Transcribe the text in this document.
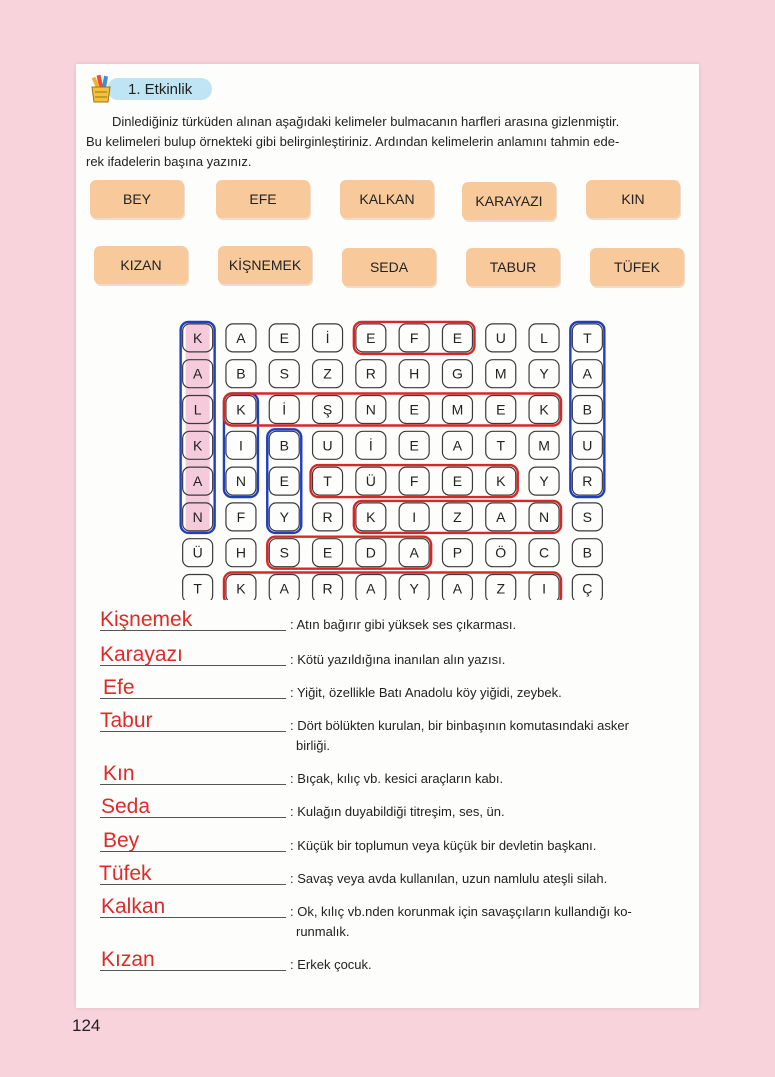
1. Etkinlik

Dinlediğiniz türküden alınan aşağıdaki kelimeler bulmacanın harfleri arasına gizlenmiştir.

Bu kelimeleri bulup örnekteki gibi belirginleştiriniz. Ardından kelimelerin anlamını tahmin ede-

rek ifadelerin başına yazınız.

BEY	EFE	KALKAN	KARAYAZI	KIN
KIZAN	KİŞNEMEK	SEDA	TABUR	TÜFEK
K A E	İ	E F E U L	T
A B S Z R H G M Y A
L K	İ	Ş N E M E K B
K	I	B U	İ	E A T M U
A N E T Ü F E K Y R
N F Y R K	I	Z A N S
Ü H S E D A P Ö C B
T K A R A Y A Z	I	Ç
Kişnemek	: Atın bağırır gibi yüksek ses çıkarması.
Karayazı	: Kötü yazıldığına inanılan alın yazısı.
Efe	: Yiğit, özellikle Batı Anadolu köy yiğidi, zeybek.
Tabur	: Dört bölükten kurulan, bir binbaşının komutasındaki asker
birliği.
Kın	: Bıçak, kılıç vb. kesici araçların kabı.
Seda	: Kulağın duyabildiği titreşim, ses, ün.
Bey	: Küçük bir toplumun veya küçük bir devletin başkanı.
Tüfek	: Savaş veya avda kullanılan, uzun namlulu ateşli silah.
Kalkan	: Ok, kılıç vb.nden korunmak için savaşçıların kullandığı ko-
runmalık.
Kızan	: Erkek çocuk.
124
